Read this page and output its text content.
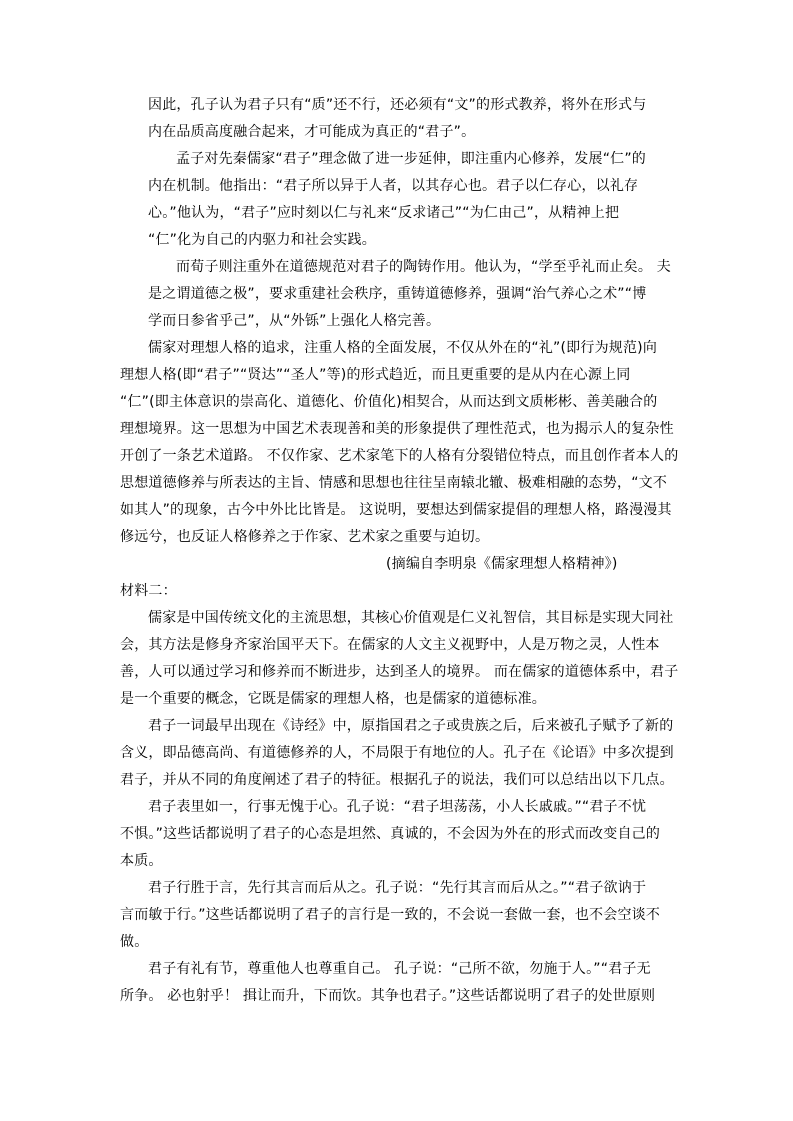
因此，孔子认为君子只有“质”还不行，还必须有“文”的形式教养，将外在形式与
内在品质高度融合起来，才可能成为真正的“君子”。
孟子对先秦儒家“君子”理念做了进一步延伸，即注重内心修养，发展“仁”的
内在机制。他指出：“君子所以异于人者，以其存心也。君子以仁存心，以礼存
心。”他认为，“君子”应时刻以仁与礼来“反求诸己”“为仁由己”，从精神上把
“仁”化为自己的内驱力和社会实践。
而荀子则注重外在道德规范对君子的陶铸作用。他认为，“学至乎礼而止矣。 夫
是之谓道德之极”，要求重建社会秩序，重铸道德修养，强调“治气养心之术”“博
学而日参省乎己”，从“外铄”上强化人格完善。
儒家对理想人格的追求，注重人格的全面发展，不仅从外在的“礼”(即行为规范)向
理想人格(即“君子”“贤达”“圣人”等)的形式趋近，而且更重要的是从内在心源上同
“仁”(即主体意识的崇高化、道德化、价值化)相契合，从而达到文质彬彬、善美融合的
理想境界。这一思想为中国艺术表现善和美的形象提供了理性范式，也为揭示人的复杂性
开创了一条艺术道路。 不仅作家、艺术家笔下的人格有分裂错位特点，而且创作者本人的
思想道德修养与所表达的主旨、情感和思想也往往呈南辕北辙、极难相融的态势，“文不
如其人”的现象，古今中外比比皆是。 这说明，要想达到儒家提倡的理想人格，路漫漫其
修远兮，也反证人格修养之于作家、艺术家之重要与迫切。
(摘编自李明泉《儒家理想人格精神》)
材料二：
儒家是中国传统文化的主流思想，其核心价值观是仁义礼智信，其目标是实现大同社
会，其方法是修身齐家治国平天下。在儒家的人文主义视野中，人是万物之灵，人性本
善，人可以通过学习和修养而不断进步，达到圣人的境界。 而在儒家的道德体系中，君子
是一个重要的概念，它既是儒家的理想人格，也是儒家的道德标准。
君子一词最早出现在《诗经》中，原指国君之子或贵族之后，后来被孔子赋予了新的
含义，即品德高尚、有道德修养的人，不局限于有地位的人。孔子在《论语》中多次提到
君子，并从不同的角度阐述了君子的特征。根据孔子的说法，我们可以总结出以下几点。
君子表里如一，行事无愧于心。孔子说：“君子坦荡荡，小人长戚戚。”“君子不忧
不惧。”这些话都说明了君子的心态是坦然、真诚的，不会因为外在的形式而改变自己的
本质。
君子行胜于言，先行其言而后从之。孔子说：“先行其言而后从之。”“君子欲讷于
言而敏于行。”这些话都说明了君子的言行是一致的，不会说一套做一套，也不会空谈不
做。
君子有礼有节，尊重他人也尊重自己。 孔子说：“己所不欲，勿施于人。”“君子无
所争。 必也射乎！ 揖让而升，下而饮。其争也君子。”这些话都说明了君子的处世原则
